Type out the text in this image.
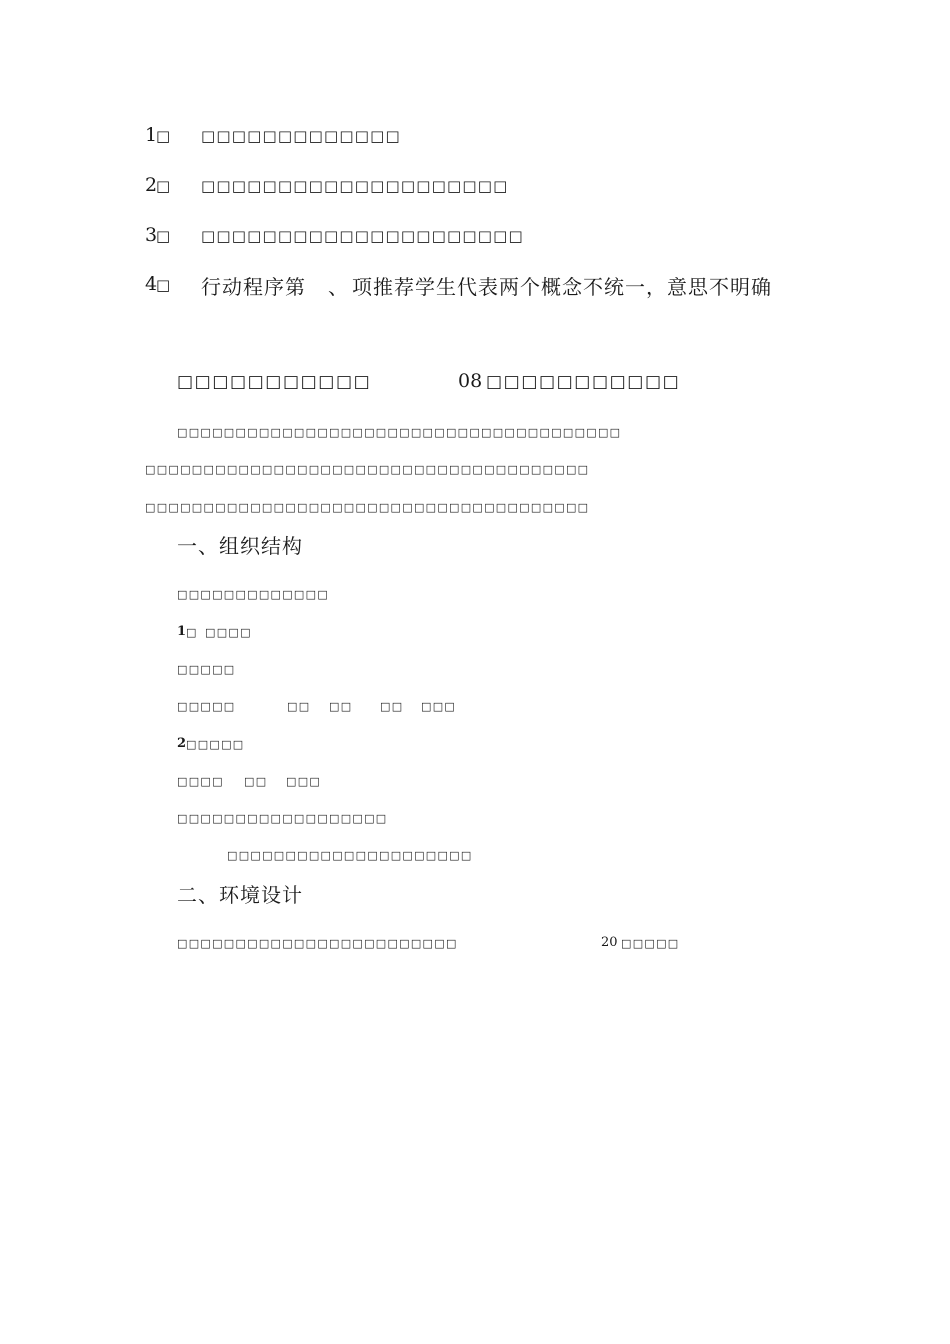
1
□ □□□□□□□□□□□□□
2
□ □□□□□□□□□□□□□□□□□□□□
3
□ □□□□□□□□□□□□□□□□□□□□□
4
□ 行动程序第 、 项推荐学生代表两个概念不统一，意思不明确
□□□□□□□□□□□	08 □□□□□□□□□□□
□□□□□□□□□□□□□□□□□□□□□□□□□□□□□□□□□□□□□□
□□□□□□□□□□□□□□□□□□□□□□□□□□□□□□□□□□□□□□
□□□□□□□□□□□□□□□□□□□□□□□□□□□□□□□□□□□□□□
一、组织结构
□□□□□□□□□□□□□
1 □ □□□□
□□□□□
□□□□□	□□ □□	□□ □□□
2 □□□□□
□□□□ □□ □□□
□□□□□□□□□□□□□□□□□□
□□□□□□□□□□□□□□□□□□□□□
二、环境设计
□□□□□□□□□□□□□□□□□□□□□□□□	20 □□□□□
